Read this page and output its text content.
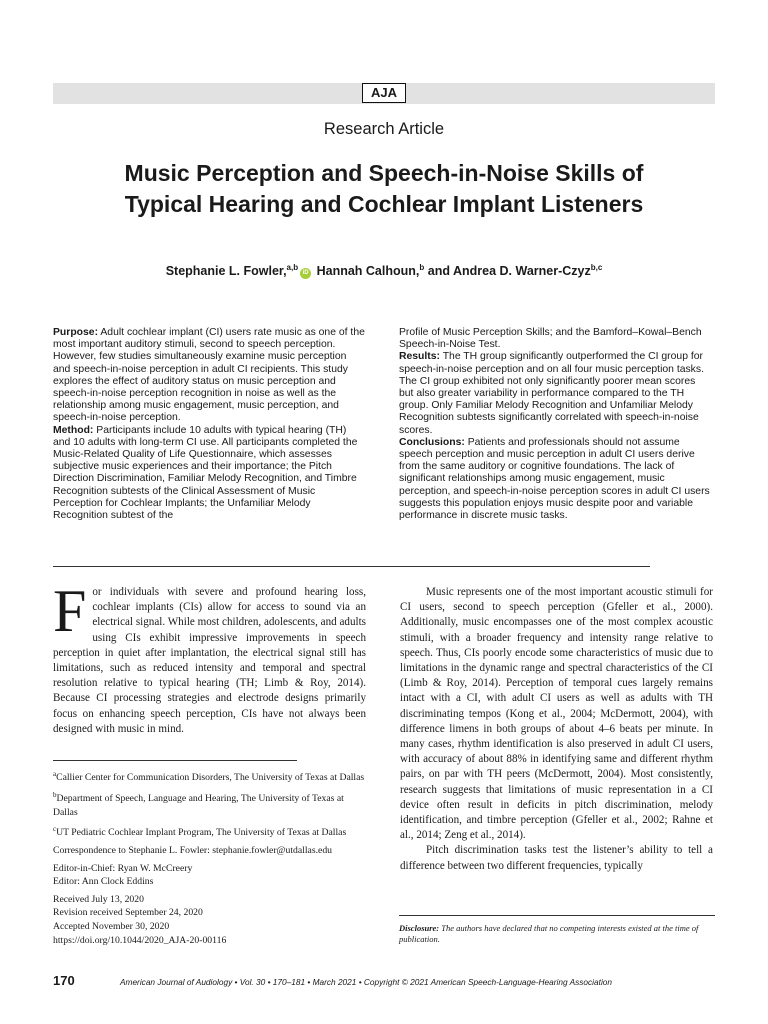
AJA
Research Article
Music Perception and Speech-in-Noise Skills of Typical Hearing and Cochlear Implant Listeners
Stephanie L. Fowler,$^{a,b}$iD Hannah Calhoun,$^b$ and Andrea D. Warner-Czyz$^{b,c}$

Purpose: Adult cochlear implant (CI) users rate music as one of the most important auditory stimuli, second to speech perception. However, few studies simultaneously examine music perception and speech-in-noise perception in adult CI recipients. This study explores the effect of auditory status on music perception and speech-in-noise perception recognition in noise as well as the relationship among music engagement, music perception, and speech-in-noise perception.

Method: Participants include 10 adults with typical hearing (TH) and 10 adults with long-term CI use. All participants completed the Music-Related Quality of Life Questionnaire, which assesses subjective music experiences and their importance; the Pitch Direction Discrimination, Familiar Melody Recognition, and Timbre Recognition subtests of the Clinical Assessment of Music Perception for Cochlear Implants; the Unfamiliar Melody Recognition subtest of the

Profile of Music Perception Skills; and the Bamford–Kowal–Bench Speech-in-Noise Test.

Results: The TH group significantly outperformed the CI group for speech-in-noise perception and on all four music perception tasks. The CI group exhibited not only significantly poorer mean scores but also greater variability in performance compared to the TH group. Only Familiar Melody Recognition and Unfamiliar Melody Recognition subtests significantly correlated with speech-in-noise scores.

Conclusions: Patients and professionals should not assume speech perception and music perception in adult CI users derive from the same auditory or cognitive foundations. The lack of significant relationships among music engagement, music perception, and speech-in-noise perception scores in adult CI users suggests this population enjoys music despite poor and variable performance in discrete music tasks.

For individuals with severe and profound hearing loss, cochlear implants (CIs) allow for access to sound via an electrical signal. While most children, adolescents, and adults using CIs exhibit impressive improvements in speech perception in quiet after implantation, the electrical signal still has limitations, such as reduced intensity and temporal and spectral resolution relative to typical hearing (TH; Limb & Roy, 2014). Because CI processing strategies and electrode designs primarily focus on enhancing speech perception, CIs have not always been designed with music in mind.

$^a$Callier Center for Communication Disorders, The University of Texas at Dallas

$^b$Department of Speech, Language and Hearing, The University of Texas at Dallas

$^c$UT Pediatric Cochlear Implant Program, The University of Texas at Dallas

Correspondence to Stephanie L. Fowler: stephanie.fowler@utdallas.edu

Editor-in-Chief: Ryan W. McCreery

Editor: Ann Clock Eddins

Received July 13, 2020

Revision received September 24, 2020

Accepted November 30, 2020

https://doi.org/10.1044/2020_AJA-20-00116

Music represents one of the most important acoustic stimuli for CI users, second to speech perception (Gfeller et al., 2000). Additionally, music encompasses one of the most complex acoustic stimuli, with a broader frequency and intensity range relative to speech. Thus, CIs poorly encode some characteristics of music due to limitations in the dynamic range and spectral characteristics of the CI (Limb & Roy, 2014). Perception of temporal cues largely remains intact with a CI, with adult CI users as well as adults with TH discriminating tempos (Kong et al., 2004; McDermott, 2004), with difference limens in both groups of about 4–6 beats per minute. In many cases, rhythm identification is also preserved in adult CI users, with accuracy of about 88% in identifying same and different rhythm pairs, on par with TH peers (McDermott, 2004). Most consistently, research suggests that limitations of music representation in a CI device often result in deficits in pitch discrimination, melody identification, and timbre perception (Gfeller et al., 2002; Rahne et al., 2014; Zeng et al., 2014).

Pitch discrimination tasks test the listener’s ability to tell a difference between two different frequencies, typically

Disclosure: The authors have declared that no competing interests existed at the time of publication.
170	American Journal of Audiology • Vol. 30 • 170–181 • March 2021 • Copyright © 2021 American Speech-Language-Hearing Association
